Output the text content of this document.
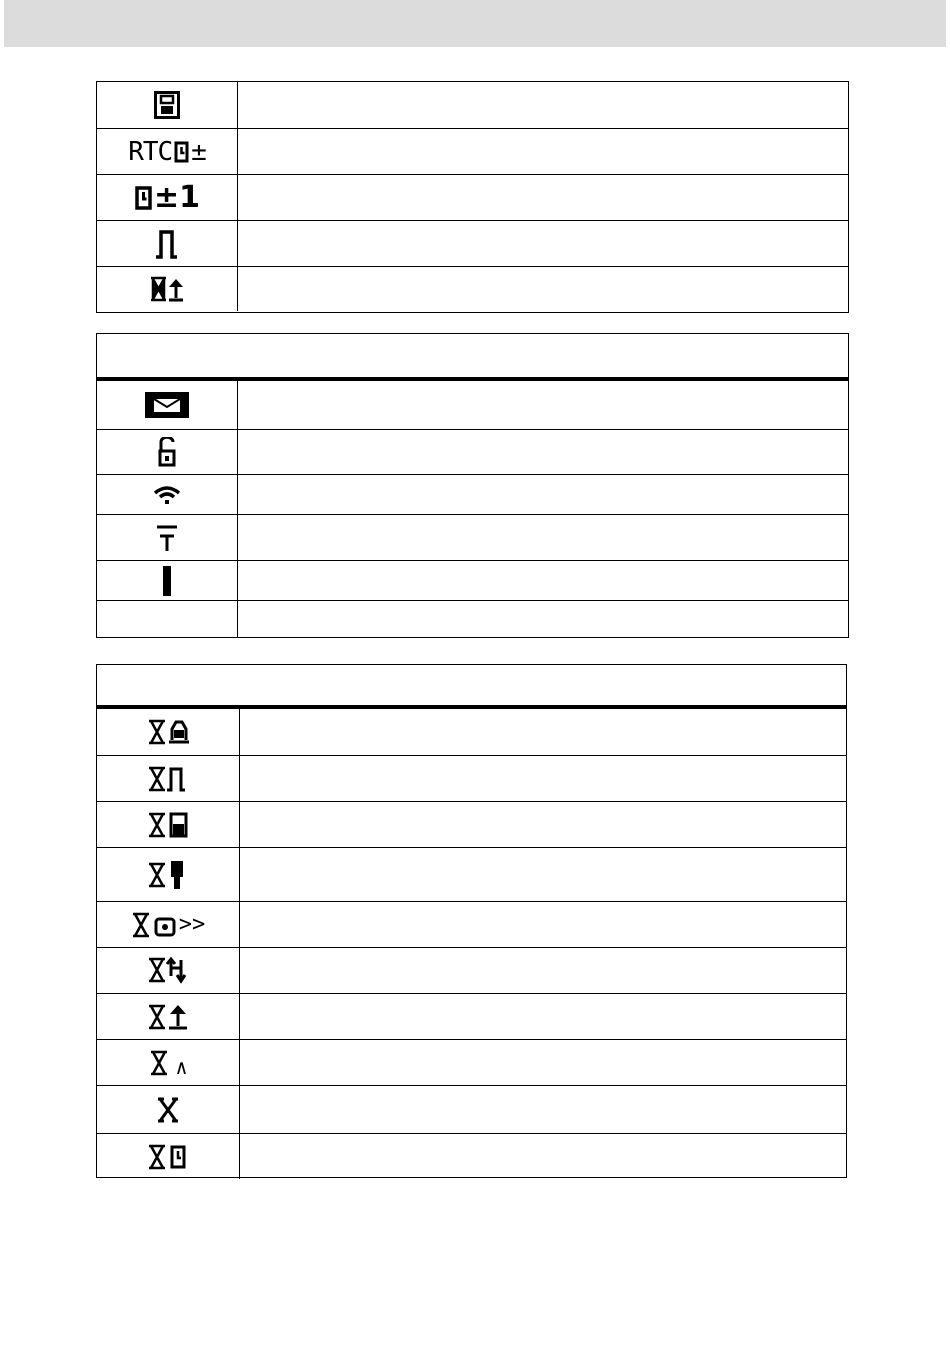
RTC ±
±1
>>
∧
